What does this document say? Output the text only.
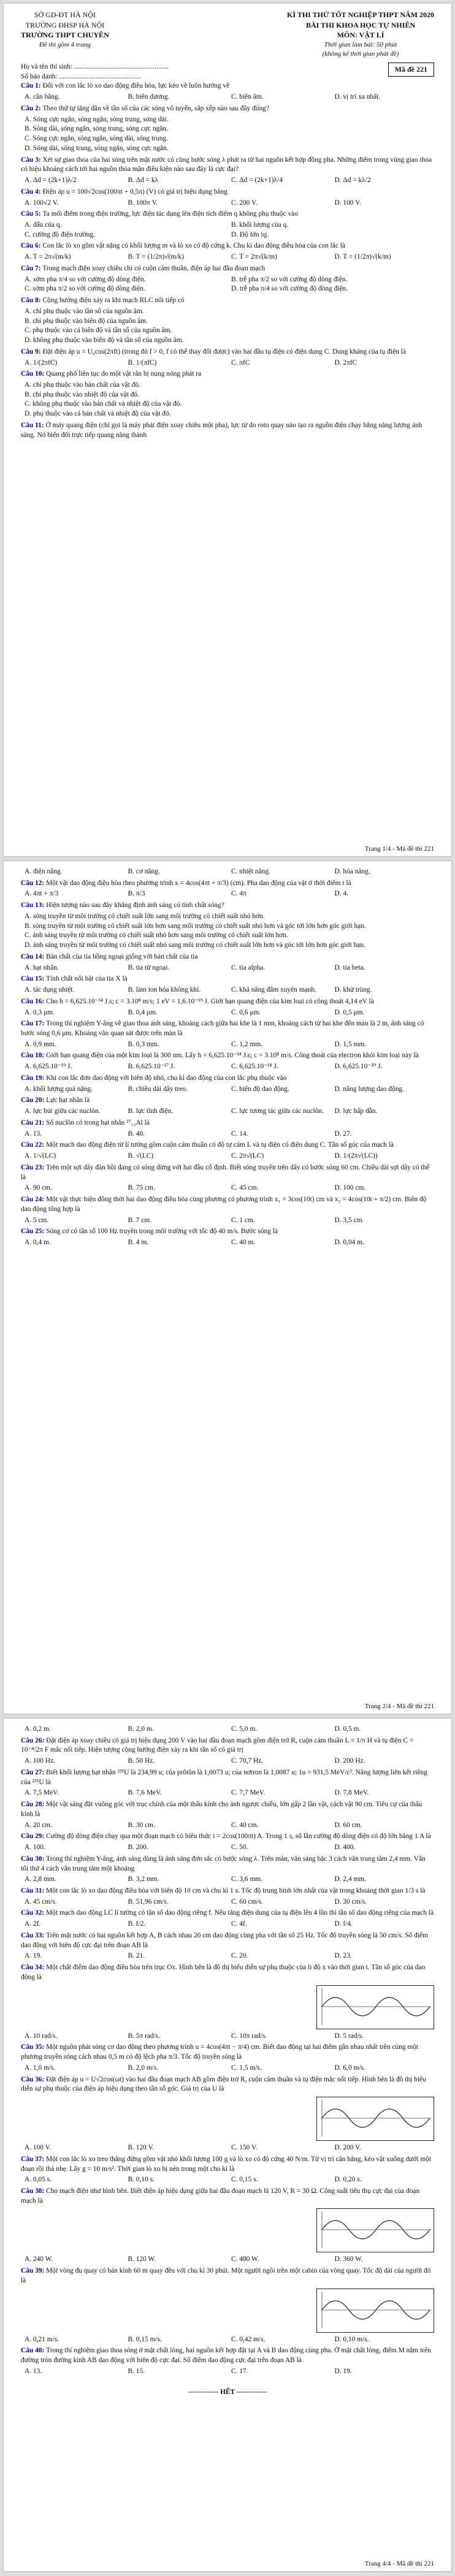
SỞ GD-ĐT HÀ NỘI
TRƯỜNG ĐHSP HÀ NỘI
TRƯỜNG THPT CHUYÊN
Đề thi gồm 4 trang
KÌ THI THỬ TỐT NGHIỆP THPT NĂM 2020
BÀI THI KHOA HỌC TỰ NHIÊN
MÔN: VẬT LÍ
Thời gian làm bài: 50 phút
(không kể thời gian phát đề)
Họ và tên thí sinh: ......................................................
Số báo danh: ...............................................
Câu 1: Đối với con lắc lò xo dao động điều hòa, lực kéo về luôn hướng về
A. cân bằng.	B. biên dương.	C. biên âm.	D. vị trí xa nhất.
Câu 2: Theo thứ tự tăng dần về tần số của các sóng vô tuyến, sắp xếp nào sau đây đúng?
A. Sóng cực ngắn, sóng ngắn, sóng trung, sóng dài.
B. Sóng dài, sóng ngắn, sóng trung, sóng cực ngắn.
C. Sóng cực ngắn, sóng ngắn, sóng dài, sóng trung.
D. Sóng dài, sóng trung, sóng ngắn, sóng cực ngắn.
Câu 3: Xét sự giao thoa của hai sóng trên mặt nước có cùng bước sóng λ phát ra từ hai nguồn kết hợp đồng pha. Những điểm trong vùng giao thoa có hiệu khoảng cách tới hai nguồn thỏa mãn điều kiện nào sau đây là cực đại?
A. Δd = (2k+1)λ/2	B. Δd = kλ	C. Δd = (2k+1)λ/4	D. Δd = kλ/2
Câu 4: Điện áp u = 100√2cos(100πt + 0,5π) (V) có giá trị hiệu dụng bằng
A. 100√2 V.	B. 100π V.	C. 200 V.	D. 100 V.
Câu 5: Ta mổi điểm trong điện trường, lực điện tác dụng lên điện tích điểm q không phụ thuộc vào
A. dấu của q.	B. khối lượng của q.
C. cường độ điện trường.	D. Độ lớn |q|.
Câu 6: Con lắc lò xo gồm vật nặng có khối lượng m và lò xo có độ cứng k. Chu kì dao động điều hòa của con lắc là
A. T = 2π√(m/k)	B. T = (1/2π)√(m/k)	C. T = 2π√(k/m)	D. T = (1/2π)√(k/m)
Câu 7: Trong mạch điện xoay chiều chỉ có cuộn cảm thuần, điện áp hai đầu đoạn mạch
A. sớm pha π/4 so với cường độ dòng điện.	B. trễ pha π/2 so với cường độ dòng điện.
C. sớm pha π/2 so với cường độ dòng điện.	D. trễ pha π/4 so với cường độ dòng điện.
Câu 8: Cộng hưởng điện xảy ra khi mạch RLC nối tiếp có
A. chỉ phụ thuộc vào tần số của nguồn âm.
B. chỉ phụ thuộc vào biên độ của nguồn âm.
C. phụ thuộc vào cả biên độ và tần số của nguồn âm.
D. không phụ thuộc vào biên độ và tần số của nguồn âm.
Câu 9: Đặt điện áp u = U₀cos(2πft) (trong đó f > 0, f có thể thay đổi được) vào hai đầu tụ điện có điện dung C. Dung kháng của tụ điện là
A. 1/(2πfC)	B. 1/(πfC)	C. πfC	D. 2πfC
Câu 10: Quang phổ liên tục do một vật rắn bị nung nóng phát ra
A. chỉ phụ thuộc vào bản chất của vật đó.
B. chỉ phụ thuộc vào nhiệt độ của vật đó.
C. không phụ thuộc vào bản chất và nhiệt độ của vật đó.
D. phụ thuộc vào cả bản chất và nhiệt độ của vật đó.
Câu 11: Ở máy quang điện (chỉ gọi là máy phát điện xoay chiều một pha), lực từ do roto quay nào tạo ra nguồn điện chạy bằng năng lượng ánh sáng. Nó biến đổi trực tiếp quang năng thành
Mã đề 221
Trang 1/4 - Mã đề thi 221
A. điện năng.	B. cơ năng.	C. nhiệt năng.	D. hóa năng.
Câu 12: Một vật dao động điều hòa theo phương trình x = 4cos(4πt + π/3) (cm). Pha dao động của vật ở thời điểm t là
A. 4πt + π/3	B. π/3	C. 4π	D. 4.
Câu 13: Hiện tượng nào sau đây khẳng định ánh sáng có tính chất sóng?
A. sóng truyền từ môi trường có chiết suất lớn sang môi trường có chiết suất nhỏ hơn.
B. sóng truyền từ môi trường có chiết suất lớn hơn sang môi trường có chiết suất nhỏ hơn và góc tới lớn hơn góc giới hạn.
C. ánh sáng truyền từ môi trường có chiết suất nhỏ hơn sang môi trường có chiết suất lớn hơn.
D. ánh sáng truyền từ môi trường có chiết suất nhỏ sang môi trường có chiết suất lớn hơn và góc tới lớn hơn góc giới hạn.
Câu 14: Bản chất của tia hồng ngoại giống với bản chất của tia
A. hạt nhân.	B. tia tử ngoại.	C. tia alpha.	D. tia beta.
Câu 15: Tính chất nổi bật của tia X là
A. tác dụng nhiệt.	B. làm ion hóa không khí.	C. khả năng đâm xuyên mạnh.	D. khử trùng.
Câu 16: Cho h = 6,625.10⁻³⁴ J.s; c = 3.10⁸ m/s; 1 eV = 1,6.10⁻¹⁹ J. Giới hạn quang điện của kim loại có công thoát 4,14 eV là
A. 0,3 μm.	B. 0,4 μm.	C. 0,6 μm.	D. 0,5 μm.
Câu 17: Trong thí nghiệm Y-âng về giao thoa ánh sáng, khoảng cách giữa hai khe là 1 mm, khoảng cách từ hai khe đến màn là 2 m, ánh sáng có bước sóng 0,6 μm. Khoảng vân quan sát được trên màn là
A. 0,9 mm.	B. 0,3 mm.	C. 1,2 mm.	D. 1,5 mm.
Câu 18: Giới hạn quang điện của một kim loại là 300 nm. Lấy h = 6,625.10⁻³⁴ J.s; c = 3.10⁸ m/s. Công thoát của electron khỏi kim loại này là
A. 6,625.10⁻¹⁹ J.	B. 6,625.10⁻¹⁷ J.	C. 6,625.10⁻¹⁸ J.	D. 6,625.10⁻²⁰ J.
Câu 19: Khi con lắc đơn dao động với biên độ nhỏ, chu kì dao động của con lắc phụ thuộc vào
A. khối lượng quả nặng.	B. chiều dài dây treo.	C. biên độ dao động.	D. năng lượng dao động.
Câu 20: Lực hạt nhân là
A. lực hút giữa các nuclôn.	B. lực tĩnh điện.	C. lực tương tác giữa các nuclôn.	D. lực hấp dẫn.
Câu 21: Số nuclôn có trong hạt nhân ²⁷₁₃Al là
A. 13.	B. 40.	C. 14.	D. 27.
Câu 22: Một mạch dao động điện từ lí tưởng gồm cuộn cảm thuần có độ tự cảm L và tụ điện có điện dung C. Tần số góc của mạch là
A. 1/√(LC)	B. √(LC)	C. 2π√(LC)	D. 1/(2π√(LC))
Câu 23: Trên một sợi dây đàn hồi đang có sóng dừng với hai đầu cố định. Biết sóng truyền trên dây có bước sóng 60 cm. Chiều dài sợi dây có thể là
A. 90 cm.	B. 75 cm.	C. 45 cm.	D. 100 cm.
Câu 24: Một vật thực hiện đồng thời hai dao động điều hòa cùng phương có phương trình x₁ = 3cos(10t) cm và x₂ = 4cos(10t + π/2) cm. Biên độ dao động tổng hợp là
A. 5 cm.	B. 7 cm.	C. 1 cm.	D. 3,5 cm.
Câu 25: Sóng cơ có tần số 100 Hz truyền trong môi trường với tốc độ 40 m/s. Bước sóng là
A. 0,4 m.	B. 4 m.	C. 40 m.	D. 0,04 m.
Trang 2/4 - Mã đề thi 221
A. 0,2 m.	B. 2,0 m.	C. 5,0 m.	D. 0,5 m.
Câu 26: Đặt điện áp xoay chiều có giá trị hiệu dụng 200 V vào hai đầu đoạn mạch gồm điện trở R, cuộn cảm thuần L = 1/π H và tụ điện C = 10⁻⁴/2π F mắc nối tiếp. Hiện tượng cộng hưởng điện xảy ra khi tần số có giá trị
A. 100 Hz.	B. 50 Hz.	C. 70,7 Hz.	D. 200 Hz.
Câu 27: Biết khối lượng hạt nhân ²³⁵U là 234,99 u; của prôtôn là 1,0073 u; của nơtron là 1,0087 u; 1u = 931,5 MeV/c². Năng lượng liên kết riêng của ²³⁵U là
A. 7,5 MeV.	B. 7,6 MeV.	C. 7,7 MeV.	D. 7,8 MeV.
Câu 28: Một vật sáng đặt vuông góc với trục chính của một thấu kính cho ảnh ngược chiều, lớn gấp 2 lần vật, cách vật 90 cm. Tiêu cự của thấu kính là
A. 20 cm.	B. 30 cm.	C. 40 cm.	D. 60 cm.
Câu 29: Cường độ dòng điện chạy qua một đoạn mạch có biểu thức i = 2cos(100πt) A. Trong 1 s, số lần cường độ dòng điện có độ lớn bằng 1 A là
A. 100.	B. 200.	C. 50.	D. 400.
Câu 30: Trong thí nghiệm Y-âng, ánh sáng dùng là ánh sáng đơn sắc có bước sóng λ. Trên màn, vân sáng bậc 3 cách vân trung tâm 2,4 mm. Vân tối thứ 4 cách vân trung tâm một khoảng
A. 2,8 mm.	B. 3,2 mm.	C. 3,6 mm.	D. 2,4 mm.
Câu 31: Một con lắc lò xo dao động điều hòa với biên độ 10 cm và chu kì 1 s. Tốc độ trung bình lớn nhất của vật trong khoảng thời gian 1/3 s là
A. 45 cm/s.	B. 51,96 cm/s.	C. 60 cm/s.	D. 30 cm/s.
Câu 32: Một mạch dao động LC lí tưởng có tần số dao động riêng f. Nếu tăng điện dung của tụ điện lên 4 lần thì tần số dao động riêng của mạch là
A. 2f.	B. f/2.	C. 4f.	D. f/4.
Câu 33: Trên mặt nước có hai nguồn kết hợp A, B cách nhau 20 cm dao động cùng pha với tần số 25 Hz. Tốc độ truyền sóng là 50 cm/s. Số điểm dao động với biên độ cực đại trên đoạn AB là
A. 19.	B. 21.	C. 20.	D. 23.
Câu 34: Một chất điểm dao động điều hòa trên trục Ox. Hình bên là đồ thị biểu diễn sự phụ thuộc của li độ x vào thời gian t. Tần số góc của dao động là
A. 10 rad/s.	B. 5π rad/s.	C. 10π rad/s.	D. 5 rad/s.
Câu 35: Một nguồn phát sóng cơ dao động theo phương trình u = 4cos(4πt − π/4) cm. Biết dao động tại hai điểm gần nhau nhất trên cùng một phương truyền sóng cách nhau 0,5 m có độ lệch pha π/3. Tốc độ truyền sóng là
A. 1,0 m/s.	B. 2,0 m/s.	C. 1,5 m/s.	D. 6,0 m/s.
Câu 36: Đặt điện áp u = U√2cos(ωt) vào hai đầu đoạn mạch AB gồm điện trở R, cuộn cảm thuần và tụ điện mắc nối tiếp. Hình bên là đồ thị biểu diễn sự phụ thuộc của điện áp hiệu dụng theo tần số góc. Giá trị của U là
A. 100 V.	B. 120 V.	C. 150 V.	D. 200 V.
Câu 37: Một con lắc lò xo treo thẳng đứng gồm vật nhỏ khối lượng 100 g và lò xo có độ cứng 40 N/m. Từ vị trí cân bằng, kéo vật xuống dưới một đoạn rồi thả nhẹ. Lấy g = 10 m/s². Thời gian lò xo bị nén trong một chu kì là
A. 0,05 s.	B. 0,10 s.	C. 0,15 s.	D. 0,20 s.
Câu 38: Cho mạch điện như hình bên. Biết điện áp hiệu dụng giữa hai đầu đoạn mạch là 120 V, R = 30 Ω. Công suất tiêu thụ cực đại của đoạn mạch là
A. 240 W.	B. 120 W.	C. 480 W.	D. 360 W.
Câu 39: Một vòng đu quay có bán kính 60 m quay đều với chu kì 30 phút. Một người ngồi trên một cabin của vòng quay. Tốc độ dài của người đó là
A. 0,21 m/s.	B. 0,15 m/s.	C. 0,42 m/s.	D. 0,10 m/s.
Câu 40: Trong thí nghiệm giao thoa sóng ở mặt chất lỏng, hai nguồn kết hợp đặt tại A và B dao động cùng pha. Ở mặt chất lỏng, điểm M nằm trên đường tròn đường kính AB dao động với biên độ cực đại. Số điểm dao động cực đại trên đoạn AB là
A. 13.	B. 15.	C. 17.	D. 19.
------------- HẾT -------------
Trang 4/4 - Mã đề thi 221
